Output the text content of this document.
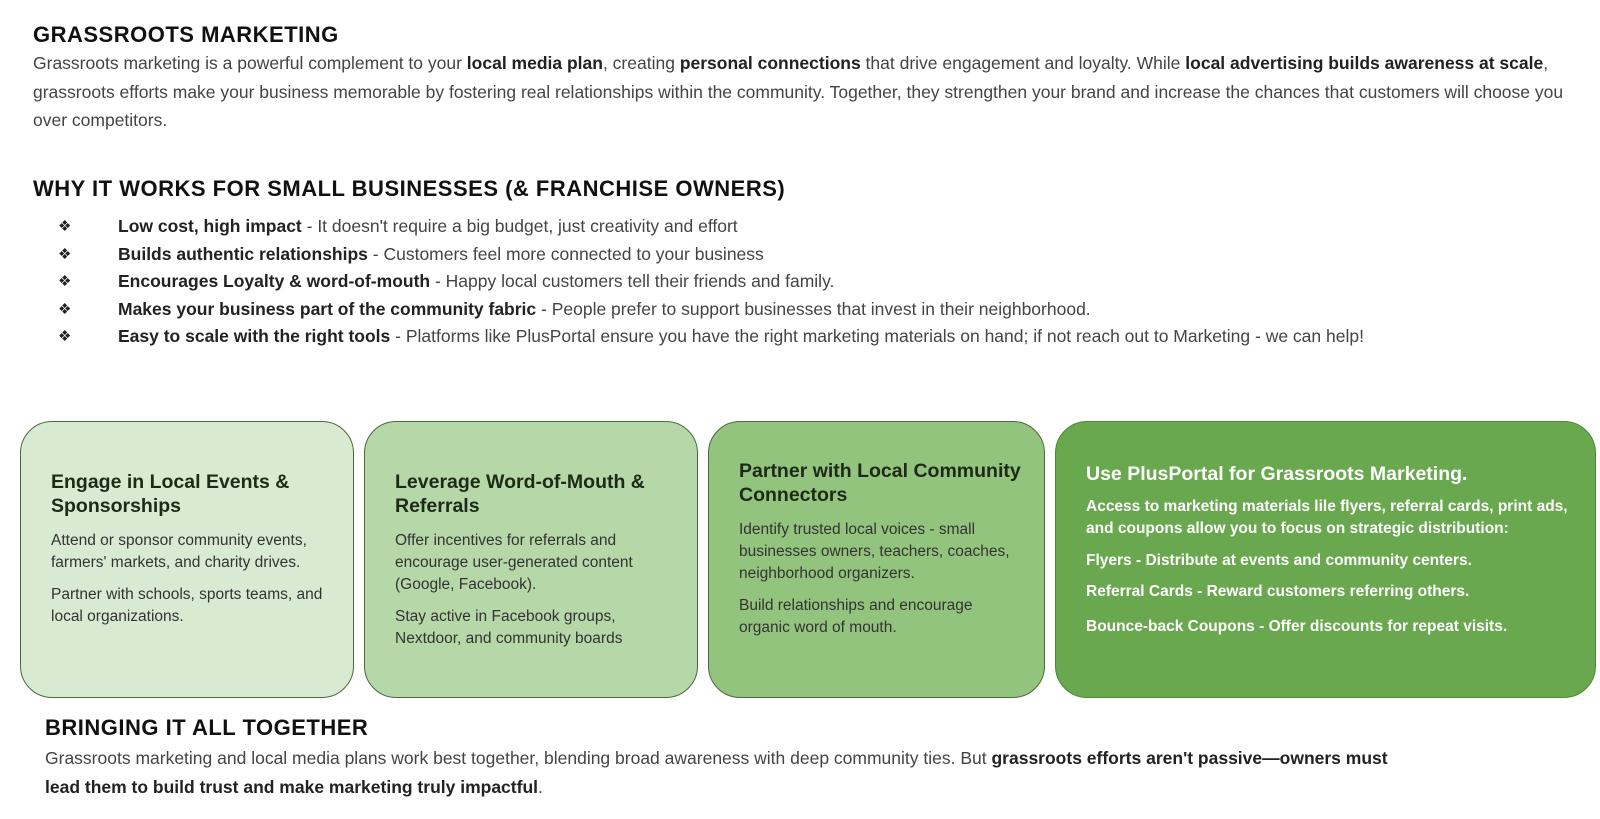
GRASSROOTS MARKETING

Grassroots marketing is a powerful complement to your local media plan, creating personal connections that drive engagement and loyalty. While local advertising builds awareness at scale, grassroots efforts make your business memorable by fostering real relationships within the community. Together, they strengthen your brand and increase the chances that customers will choose you over competitors.

WHY IT WORKS FOR SMALL BUSINESSES (& FRANCHISE OWNERS)
❖	Low cost, high impact - It doesn't require a big budget, just creativity and effort
❖	Builds authentic relationships - Customers feel more connected to your business
❖	Encourages Loyalty & word-of-mouth - Happy local customers tell their friends and family.
❖	Makes your business part of the community fabric - People prefer to support businesses that invest in their neighborhood.
❖	Easy to scale with the right tools - Platforms like PlusPortal ensure you have the right marketing materials on hand; if not reach out to Marketing - we can help!
Engage in Local Events & Sponsorships

Attend or sponsor community events, farmers' markets, and charity drives.

Partner with schools, sports teams, and local organizations.

Leverage Word-of-Mouth & Referrals

Offer incentives for referrals and encourage user-generated content (Google, Facebook).

Stay active in Facebook groups, Nextdoor, and community boards

Partner with Local Community Connectors

Identify trusted local voices - small businesses owners, teachers, coaches, neighborhood organizers.

Build relationships and encourage organic word of mouth.

Use PlusPortal for Grassroots Marketing.

Access to marketing materials lile flyers, referral cards, print ads, and coupons allow you to focus on strategic distribution:

Flyers - Distribute at events and community centers.

Referral Cards - Reward customers referring others.

Bounce-back Coupons - Offer discounts for repeat visits.

BRINGING IT ALL TOGETHER

Grassroots marketing and local media plans work best together, blending broad awareness with deep community ties. But grassroots efforts aren't passive—owners must lead them to build trust and make marketing truly impactful.
